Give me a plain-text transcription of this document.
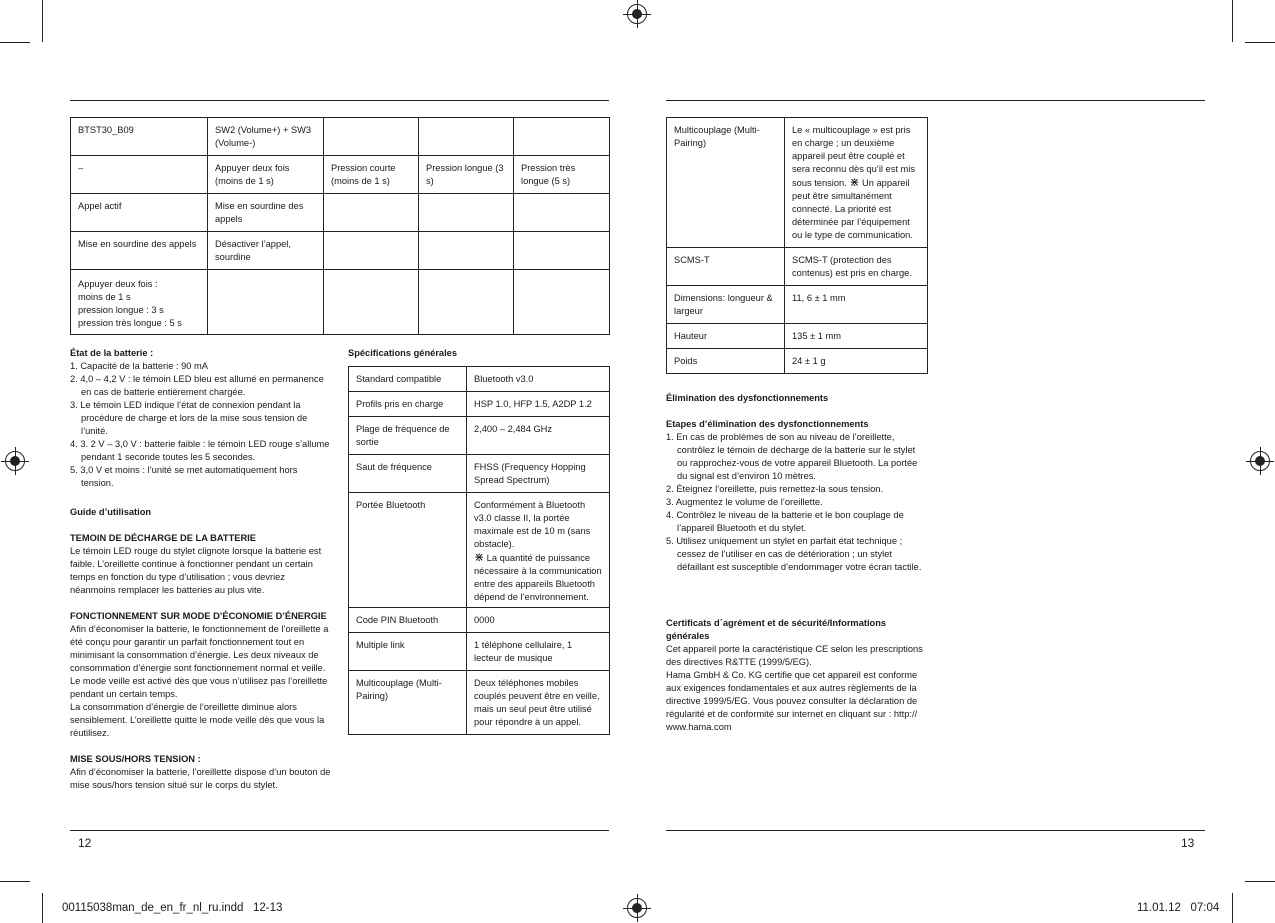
BTST30_B09	SW2 (Volume+) + SW3 (Volume-)			
–	Appuyer deux fois (moins de 1 s)	Pression courte (moins de 1 s)	Pression longue (3 s)	Pression très longue (5 s)
Appel actif	Mise en sourdine des appels			
Mise en sourdine des appels	Désactiver l’appel, sourdine			

Appuyer deux fois :
moins de 1 s
pression longue : 3 s
pression très longue : 5 s				

État de la batterie :
1. Capacité de la batterie : 90 mA
2. 4,0 – 4,2 V : le témoin LED bleu est allumé en permanence en cas de batterie entièrement chargée.
3. Le témoin LED indique l’état de connexion pendant la procédure de charge et lors de la mise sous tension de l’unité.
4. 3. 2 V – 3,0 V : batterie faible : le témoin LED rouge s’allume pendant 1 seconde toutes les 5 secondes.
5. 3,0 V et moins : l’unité se met automatiquement hors tension.
Guide d’utilisation
TEMOIN DE DÉCHARGE DE LA BATTERIE
Le témoin LED rouge du stylet clignote lorsque la batterie est faible. L’oreillette continue à fonctionner pendant un certain temps en fonction du type d’utilisation ; vous devriez néanmoins remplacer les batteries au plus vite.
FONCTIONNEMENT SUR MODE D’ÉCONOMIE D’ÉNERGIE
Afin d’économiser la batterie, le fonctionnement de l’oreillette a été conçu pour garantir un parfait fonctionnement tout en minimisant la consommation d’énergie. Les deux niveaux de consommation d’énergie sont fonctionnement normal et veille. Le mode veille est activé dès que vous n’utilisez pas l’oreillette pendant un certain temps.
La consommation d’énergie de l’oreillette diminue alors sensiblement. L’oreillette quitte le mode veille dès que vous la réutilisez.
MISE SOUS/HORS TENSION :
Afin d’économiser la batterie, l’oreillette dispose d’un bouton de mise sous/hors tension situé sur le corps du stylet.
Spécifications générales
Standard compatible	Bluetooth v3.0
Profils pris en charge	HSP 1.0, HFP 1.5, A2DP 1.2
Plage de fréquence de sortie	2,400 – 2,484 GHz
Saut de fréquence	FHSS (Frequency Hopping Spread Spectrum)
Portée Bluetooth	Conformément à Bluetooth v3.0 classe II, la portée maximale est de 10 m (sans obstacle).
⋇ La quantité de puissance nécessaire à la communication entre des appareils Bluetooth dépend de l’environnement.

Code PIN Bluetooth	0000
Multiple link	1 téléphone cellulaire, 1 lecteur de musique
Multicouplage (Multi-Pairing)	Deux téléphones mobiles couplés peuvent être en veille, mais un seul peut être utilisé pour répondre à un appel.
Multicouplage (Multi-Pairing)	Le « multicouplage » est pris en charge ; un deuxième appareil peut être couplé et sera reconnu dès qu’il est mis sous tension. ⋇ Un appareil peut être simultanément connecté. La priorité est déterminée par l’équipement ou le type de communication.
SCMS-T	SCMS-T (protection des contenus) est pris en charge.
Dimensions: longueur & largeur	11, 6 ± 1 mm
Hauteur	135 ± 1 mm
Poids	24 ± 1 g
Élimination des dysfonctionnements
Etapes d’élimination des dysfonctionnements
1. En cas de problèmes de son au niveau de l’oreillette, contrôlez le témoin de décharge de la batterie sur le stylet ou rapprochez-vous de votre appareil Bluetooth. La portée du signal est d’environ 10 mètres.
2. Éteignez l’oreillette, puis remettez-la sous tension.
3. Augmentez le volume de l’oreillette.
4. Contrôlez le niveau de la batterie et le bon couplage de l’appareil Bluetooth et du stylet.
5. Utilisez uniquement un stylet en parfait état technique ; cessez de l’utiliser en cas de détérioration ; un stylet défaillant est susceptible d’endommager votre écran tactile.
Certificats d´agrément et de sécurité/Informations générales
Cet appareil porte la caractéristique CE selon les prescriptions des directives R&TTE (1999/5/EG).
Hama GmbH & Co. KG certifie que cet appareil est conforme aux exigences fondamentales et aux autres règlements de la directive 1999/5/EG. Vous pouvez consulter la déclaration de régularité et de conformité sur internet en cliquant sur : http:// www.hama.com
12	13
00115038man_de_en_fr_nl_ru.indd   12-13	11.01.12   07:04
